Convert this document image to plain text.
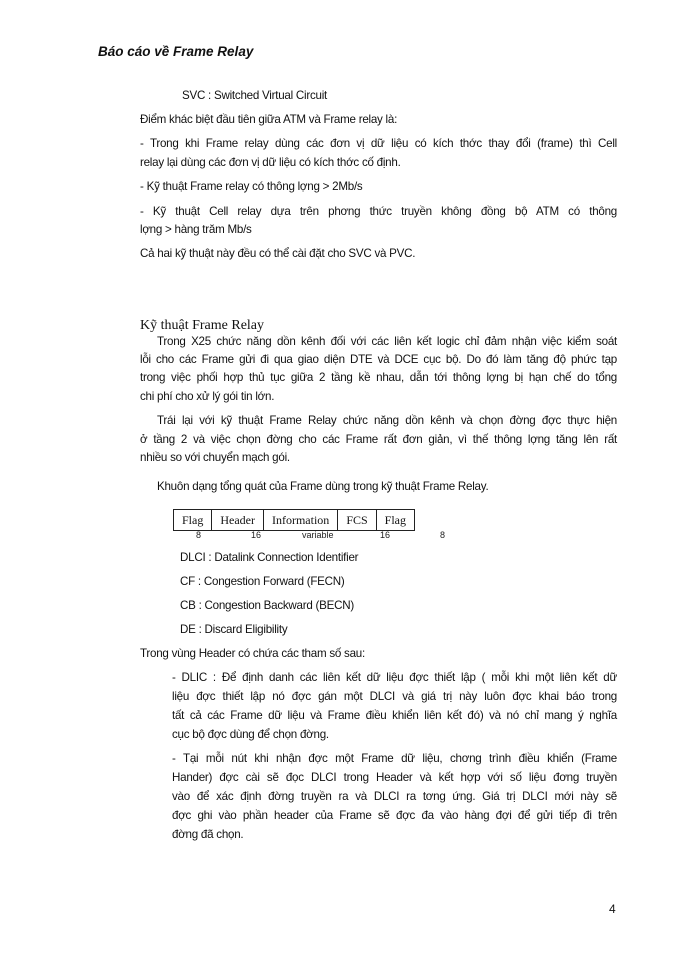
Báo cáo về Frame Relay
SVC : Switched Virtual Circuit
Điểm khác biệt đầu tiên giữa ATM và Frame relay là:
- Trong khi Frame relay dùng các đơn vị dữ liệu có kích thớc thay đổi (frame) thì Cell
relay lại dùng các đơn vị dữ liệu có kích thớc cố định.
- Kỹ thuật Frame relay có thông lợng > 2Mb/s
- Kỹ thuật Cell relay dựa trên phơng thức truyền không đồng bộ ATM có thông
lợng > hàng trăm Mb/s
Cả hai kỹ thuật này đều có thể cài đặt cho SVC và PVC.
Kỹ thuật Frame Relay
Trong X25 chức năng dồn kênh đối với các liên kết logic chỉ đảm nhận việc kiểm soát
lỗi cho các Frame gửi đi qua giao diện DTE và DCE cục bộ. Do đó làm tăng độ phức tạp
trong việc phối hợp thủ tục giữa 2 tầng kề nhau, dẫn tới thông lợng bị hạn chế do tổng
chi phí cho xử lý gói tin lớn.
Trái lại với kỹ thuật Frame Relay chức năng dồn kênh và chọn đờng đợc thực hiện
ở tầng 2 và việc chọn đờng cho các Frame rất đơn giản, vì thế thông lợng tăng lên rất
nhiều so với chuyển mạch gói.
Khuôn dạng tổng quát của Frame dùng trong kỹ thuật Frame Relay.
Flag	Header	Information	FCS	Flag
8	16	variable	16	8
DLCI : Datalink Connection Identifier
CF : Congestion Forward (FECN)
CB : Congestion Backward (BECN)
DE : Discard Eligibility
Trong vùng Header có chứa các tham số sau:
- DLIC : Để định danh các liên kết dữ liệu đợc thiết lập ( mỗi khi một liên kết dữ
liệu đợc thiết lập nó đợc gán một DLCI và giá trị này luôn đợc khai báo trong
tất cả các Frame dữ liệu và Frame điều khiển liên kết đó) và nó chỉ mang ý nghĩa
cục bộ đợc dùng để chọn đờng.
- Tại mỗi nút khi nhận đợc một Frame dữ liệu, chơng trình điều khiển (Frame
Hander) đợc cài sẽ đọc DLCI trong Header và kết hợp với số liệu đơng truyền
vào để xác định đờng truyền ra và DLCI ra tơng ứng. Giá trị DLCI mới này sẽ
đợc ghi vào phần header của Frame sẽ đợc đa vào hàng đợi để gửi tiếp đi trên
đờng đã chọn.
4
